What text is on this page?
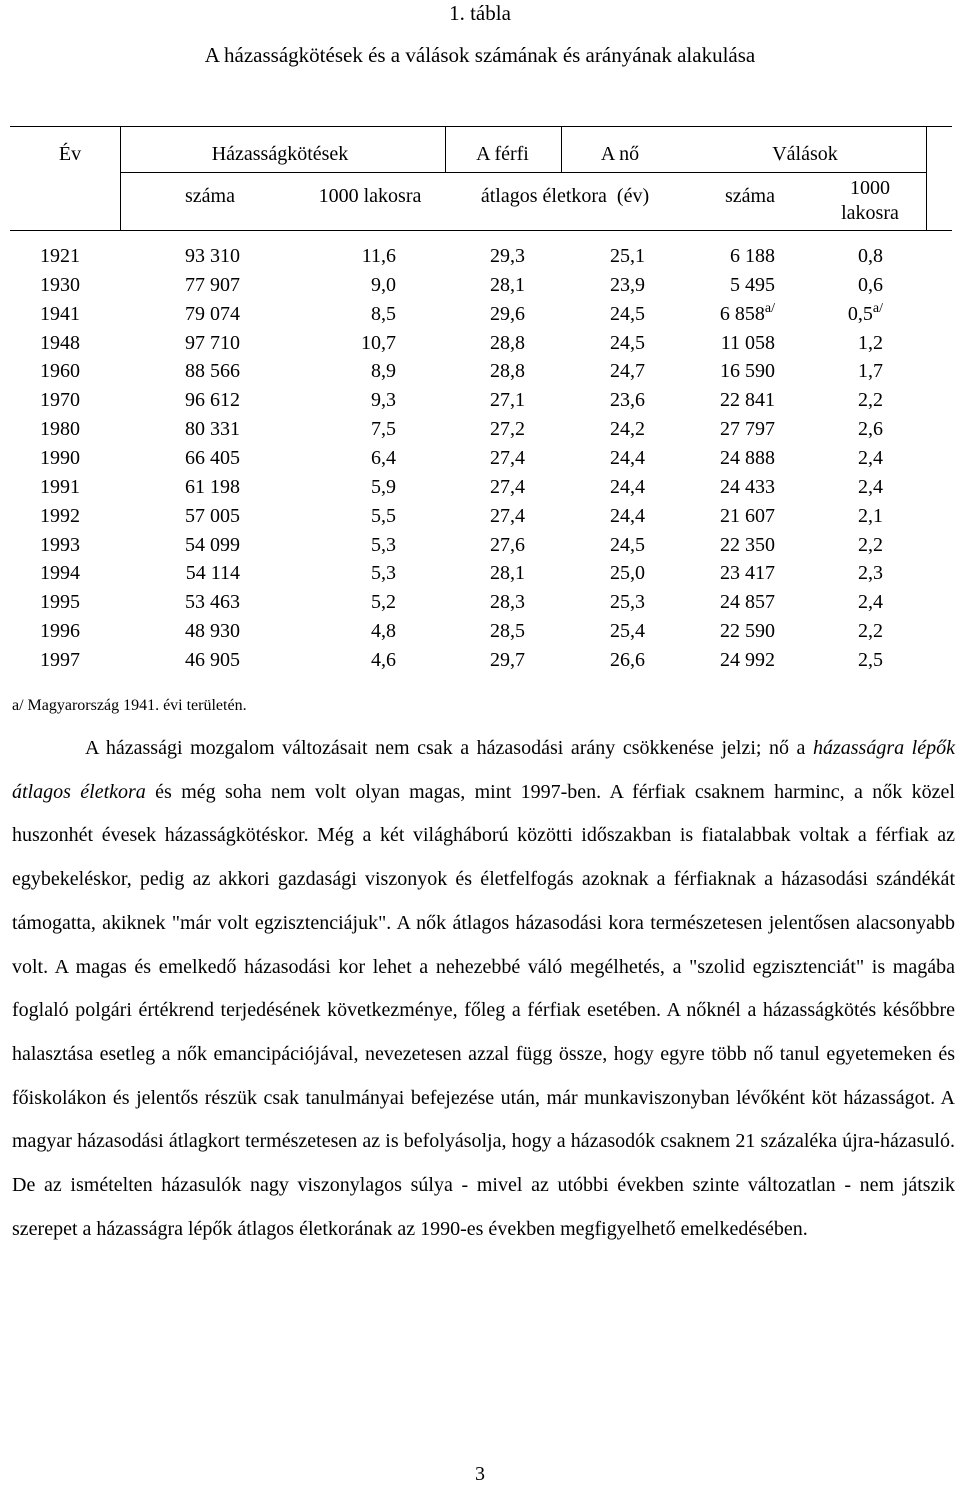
1. tábla
A házasságkötések és a válások számának és arányának alakulása
Év	Házasságkötések	A férfi	A nő	Válások
száma	1000 lakosra	átlagos életkora  (év)	száma	1000
lakosra
1921	93 310	11,6	29,3	25,1	6 188	0,8
1930	77 907	9,0	28,1	23,9	5 495	0,6
1941	79 074	8,5	29,6	24,5	6 $858^{a/}$	$0,5^{a/}$
1948	97 710	10,7	28,8	24,5	11 058	1,2
1960	88 566	8,9	28,8	24,7	16 590	1,7
1970	96 612	9,3	27,1	23,6	22 841	2,2
1980	80 331	7,5	27,2	24,2	27 797	2,6
1990	66 405	6,4	27,4	24,4	24 888	2,4
1991	61 198	5,9	27,4	24,4	24 433	2,4
1992	57 005	5,5	27,4	24,4	21 607	2,1
1993	54 099	5,3	27,6	24,5	22 350	2,2
1994	54 114	5,3	28,1	25,0	23 417	2,3
1995	53 463	5,2	28,3	25,3	24 857	2,4
1996	48 930	4,8	28,5	25,4	22 590	2,2
1997	46 905	4,6	29,7	26,6	24 992	2,5
a/ Magyarország 1941. évi területén.
A házassági mozgalom változásait nem csak a házasodási arány csökkenése jelzi; nő a házasságra lépők átlagos életkora és még soha nem volt olyan magas, mint 1997-ben. A férfiak csaknem harminc, a nők közel huszonhét évesek házasságkötéskor. Még a két világháború közötti időszakban is fiatalabbak voltak a férfiak az egybekeléskor, pedig az akkori gazdasági viszonyok és életfelfogás azoknak a férfiaknak a házasodási szándékát támogatta, akiknek "már volt egzisztenciájuk". A nők átlagos házasodási kora természetesen jelentősen alacsonyabb volt. A magas és emelkedő házasodási kor lehet a nehezebbé váló megélhetés, a "szolid egzisztenciát" is magába foglaló polgári értékrend terjedésének következménye, főleg a férfiak esetében. A nőknél a házasságkötés későbbre halasztása esetleg a nők emancipációjával, nevezetesen azzal függ össze, hogy egyre több nő tanul egyetemeken és főiskolákon és jelentős részük csak tanulmányai befejezése után, már munkaviszonyban lévőként köt házasságot. A magyar házasodási átlagkort természetesen az is befolyásolja, hogy a házasodók csaknem 21 százaléka újra-házasuló. De az ismételten házasulók nagy viszonylagos súlya - mivel az utóbbi években szinte változatlan - nem játszik szerepet a házasságra lépők átlagos életkorának az 1990-es években megfigyelhető emelkedésében.
3
